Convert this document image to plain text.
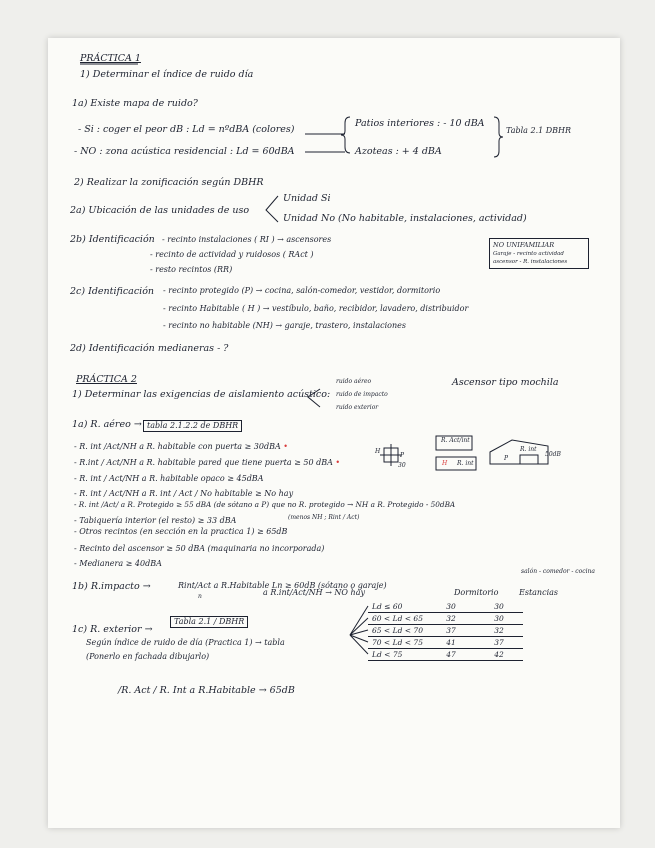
PRÁCTICA 1
1) Determinar el índice de ruido día
1a) Existe mapa de ruido?
- Si : coger el peor dB : Ld = nºdBA (colores)
- NO : zona acústica residencial : Ld = 60dBA
Patios interiores : - 10 dBA
Azoteas : + 4 dBA
Tabla 2.1 DBHR
2) Realizar la zonificación según DBHR
2a) Ubicación de las unidades de uso
Unidad Si
Unidad No (No habitable, instalaciones, actividad)
2b) Identificación - recinto instalaciones ( RI ) → ascensores
- recinto de actividad y ruidosos ( RAct )
- resto recintos (RR)
NO UNIFAMILIAR
Garaje - recinto actividad
ascensor - R. instalaciones
2c) Identificación - recinto protegido (P) → cocina, salón-comedor, vestidor, dormitorio
- recinto Habitable ( H ) → vestíbulo, baño, recibidor, lavadero, distribuidor
- recinto no habitable (NH) → garaje, trastero, instalaciones
2d) Identificación medianeras - ?
PRÁCTICA 2
1) Determinar las exigencias de aislamiento acústico:
ruido aéreo
ruido de impacto
ruido exterior
Ascensor tipo mochila
1a) R. aéreo → tabla 2.1.2.2 de DBHR
- R. int /Act/NH a R. habitable con puerta ≥ 30dBA •
- R.int / Act/NH a R. habitable pared que tiene puerta ≥ 50 dBA •
- R. int / Act/NH a R. habitable opaco ≥ 45dBA
- R. int / Act/NH a R. int / Act / No habitable ≥ No hay
- R. int /Act/ a R. Protegido ≥ 55 dBA (de sótano a P) que no R. protegido → NH a R. Protegido - 50dBA
(menos NH ; Rint / Act)
- Tabiquería interior (el resto) ≥ 33 dBA
- Otros recintos (en sección en la practica 1) ≥ 65dB
- Recinto del ascensor ≥ 50 dBA (maquinaria no incorporada)
- Medianera ≥ 40dBA
H
P
30
R. Act/int
H R. int
R. int
50dB
P
1b) R.impacto →	Rint/Act a R.Habitable Ln ≥ 60dB (sótano o garaje)
n	a R.int/Act/NH → NO hay
1c) R. exterior →
Tabla 2.1 / DBHR
Según índice de ruido de día (Practica 1) → tabla
(Ponerlo en fachada dibujarlo)
salón - comedor - cocina
Dormitorio	Estancias
Ld ≤ 60	30	30
60 < Ld < 65	32	30
65 < Ld < 70	37	32
70 < Ld < 75	41	37
Ld < 75	47	42
/R. Act / R. Int a R.Habitable → 65dB
